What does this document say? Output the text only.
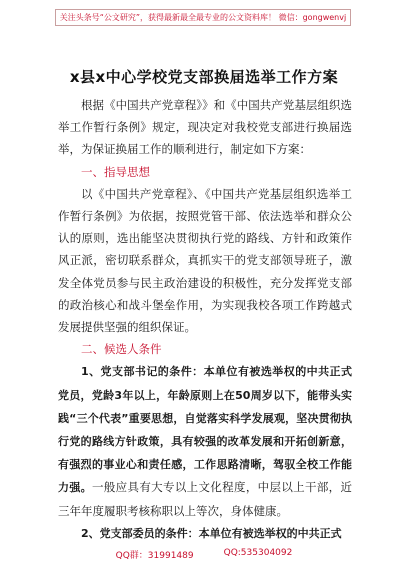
关注头条号“公文研究”，获得最新最全最专业的公文资料库！ 微信：gongwenvj
x县x中心学校党支部换届选举工作方案

根据《中国共产党章程》》和《中国共产党基层组织选举工作暂行条例》规定，现决定对我校党支部进行换届选举，为保证换届工作的顺利进行，制定如下方案：

一、指导思想

以《中国共产党章程》、《中国共产党基层组织选举工作暂行条例》为依据，按照党管干部、依法选举和群众公认的原则，选出能坚决贯彻执行党的路线、方针和政策作风正派，密切联系群众，真抓实干的党支部领导班子，激发全体党员参与民主政治建设的积极性，充分发挥党支部的政治核心和战斗堡垒作用，为实现我校各项工作跨越式发展提供坚强的组织保证。

二、候选人条件

1、党支部书记的条件：本单位有被选举权的中共正式党员，党龄3年以上，年龄原则上在50周岁以下，能带头实践“三个代表”重要思想，自觉落实科学发展观，坚决贯彻执行党的路线方针政策，具有较强的改革发展和开拓创新意，有强烈的事业心和责任感，工作思路清晰，驾驭全校工作能力强。一般应具有大专以上文化程度，中层以上干部，近三年年度履职考核称职以上等次，身体健康。

2、党支部委员的条件：本单位有被选举权的中共正式

QQ群：31991489	QQ:535304092
